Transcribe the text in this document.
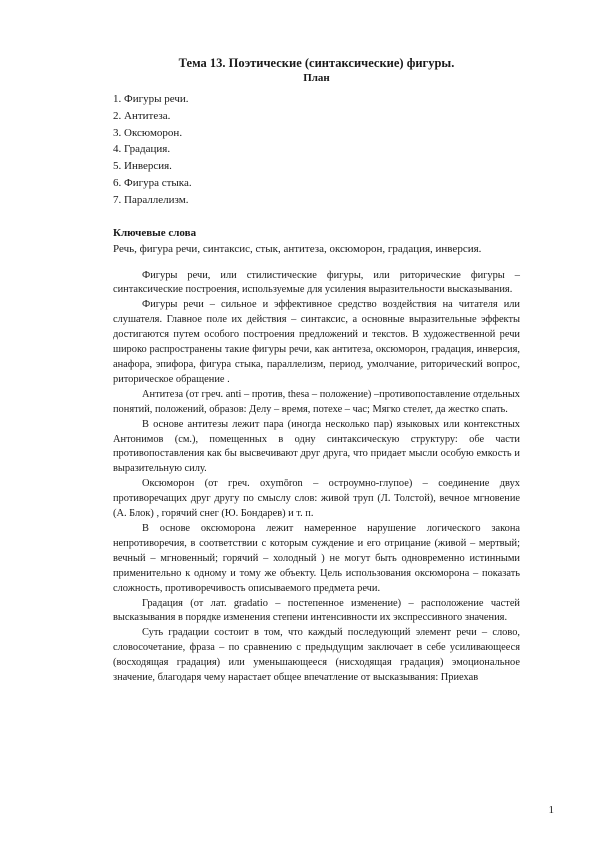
Тема 13. Поэтические (синтаксические) фигуры.

План

1. Фигуры речи.
2. Антитеза.
3. Оксюморон.
4. Градация.
5. Инверсия.
6. Фигура стыка.
7. Параллелизм.

Ключевые слова

Речь, фигура речи, синтаксис, стык, антитеза, оксюморон, градация, инверсия.

Фигуры речи, или стилистические фигуры, или риторические фигуры – синтаксические построения, используемые для усиления выразительности высказывания.

Фигуры речи – сильное и эффективное средство воздействия на читателя или слушателя. Главное поле их действия – синтаксис, а основные выразительные эффекты достигаются путем особого построения предложений и текстов. В художественной речи широко распространены такие фигуры речи, как антитеза, оксюморон, градация, инверсия, анафора, эпифора, фигура стыка, параллелизм, период, умолчание, риторический вопрос, риторическое обращение .

Антитеза (от греч. anti – против, thesa – положение) –противопоставление отдельных понятий, положений, образов: Делу – время, потехе – час; Мягко стелет, да жестко спать.

В основе антитезы лежит пара (иногда несколько пар) языковых или контекстных Антонимов (см.), помещенных в одну синтаксическую структуру: обе части противопоставления как бы высвечивают друг друга, что придает мысли особую емкость и выразительную силу.

Оксюморон (от греч. oxymōron – остроумно-глупое) – соединение двух противоречащих друг другу по смыслу слов: живой труп (Л. Толстой), вечное мгновение (А. Блок) , горячий снег (Ю. Бондарев) и т. п.

В основе оксюморона лежит намеренное нарушение логического закона непротиворечия, в соответствии с которым суждение и его отрицание (живой – мертвый; вечный – мгновенный; горячий – холодный ) не могут быть одновременно истинными применительно к одному и тому же объекту. Цель использования оксюморона – показать сложность, противоречивость описываемого предмета речи.

Градация (от лат. gradatio – постепенное изменение) – расположение частей высказывания в порядке изменения степени интенсивности их экспрессивного значения.

Суть градации состоит в том, что каждый последующий элемент речи – слово, словосочетание, фраза – по сравнению с предыдущим заключает в себе усиливающееся (восходящая градация) или уменьшающееся (нисходящая градация) эмоциональное значение, благодаря чему нарастает общее впечатление от высказывания: Приехав

1
